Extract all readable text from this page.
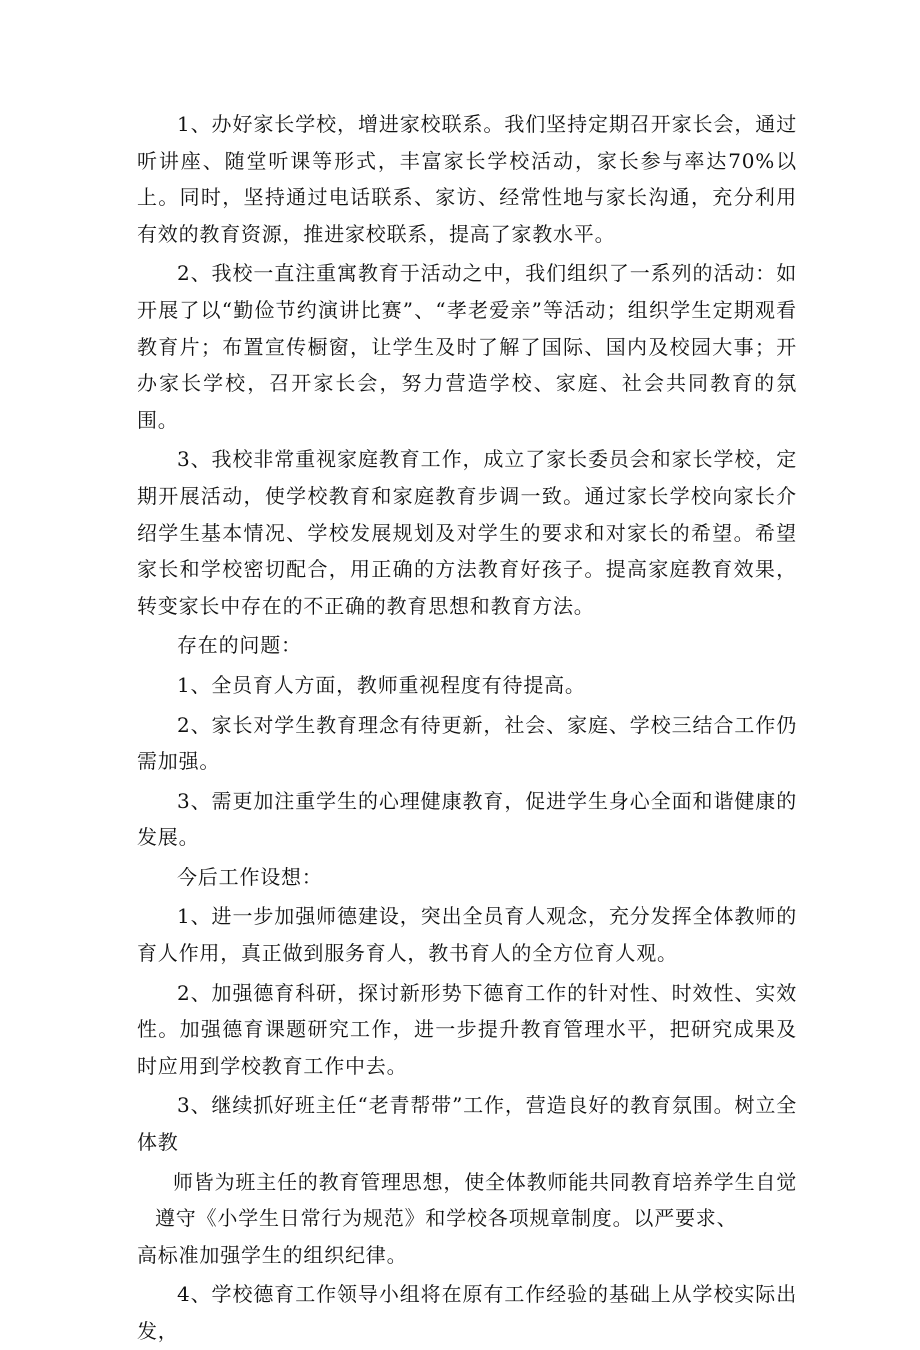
1、办好家长学校，增进家校联系。我们坚持定期召开家长会，通过听讲座、随堂听课等形式，丰富家长学校活动，家长参与率达70%以上。同时，坚持通过电话联系、家访、经常性地与家长沟通，充分利用有效的教育资源，推进家校联系，提高了家教水平。

2、我校一直注重寓教育于活动之中，我们组织了一系列的活动：如开展了以“勤俭节约演讲比赛”、“孝老爱亲”等活动；组织学生定期观看教育片；布置宣传橱窗，让学生及时了解了国际、国内及校园大事；开办家长学校，召开家长会，努力营造学校、家庭、社会共同教育的氛围。

3、我校非常重视家庭教育工作，成立了家长委员会和家长学校，定期开展活动，使学校教育和家庭教育步调一致。通过家长学校向家长介绍学生基本情况、学校发展规划及对学生的要求和对家长的希望。希望家长和学校密切配合，用正确的方法教育好孩子。提高家庭教育效果，转变家长中存在的不正确的教育思想和教育方法。

存在的问题：

1、全员育人方面，教师重视程度有待提高。

2、家长对学生教育理念有待更新，社会、家庭、学校三结合工作仍需加强。

3、需更加注重学生的心理健康教育，促进学生身心全面和谐健康的发展。

今后工作设想：

1、进一步加强师德建设，突出全员育人观念，充分发挥全体教师的育人作用，真正做到服务育人，教书育人的全方位育人观。

2、加强德育科研，探讨新形势下德育工作的针对性、时效性、实效性。加强德育课题研究工作，进一步提升教育管理水平，把研究成果及时应用到学校教育工作中去。

3、继续抓好班主任“老青帮带”工作，营造良好的教育氛围。树立全体教

师皆为班主任的教育管理思想，使全体教师能共同教育培养学生自觉

遵守《小学生日常行为规范》和学校各项规章制度。以严要求、

高标准加强学生的组织纪律。

4、学校德育工作领导小组将在原有工作经验的基础上从学校实际出发，
